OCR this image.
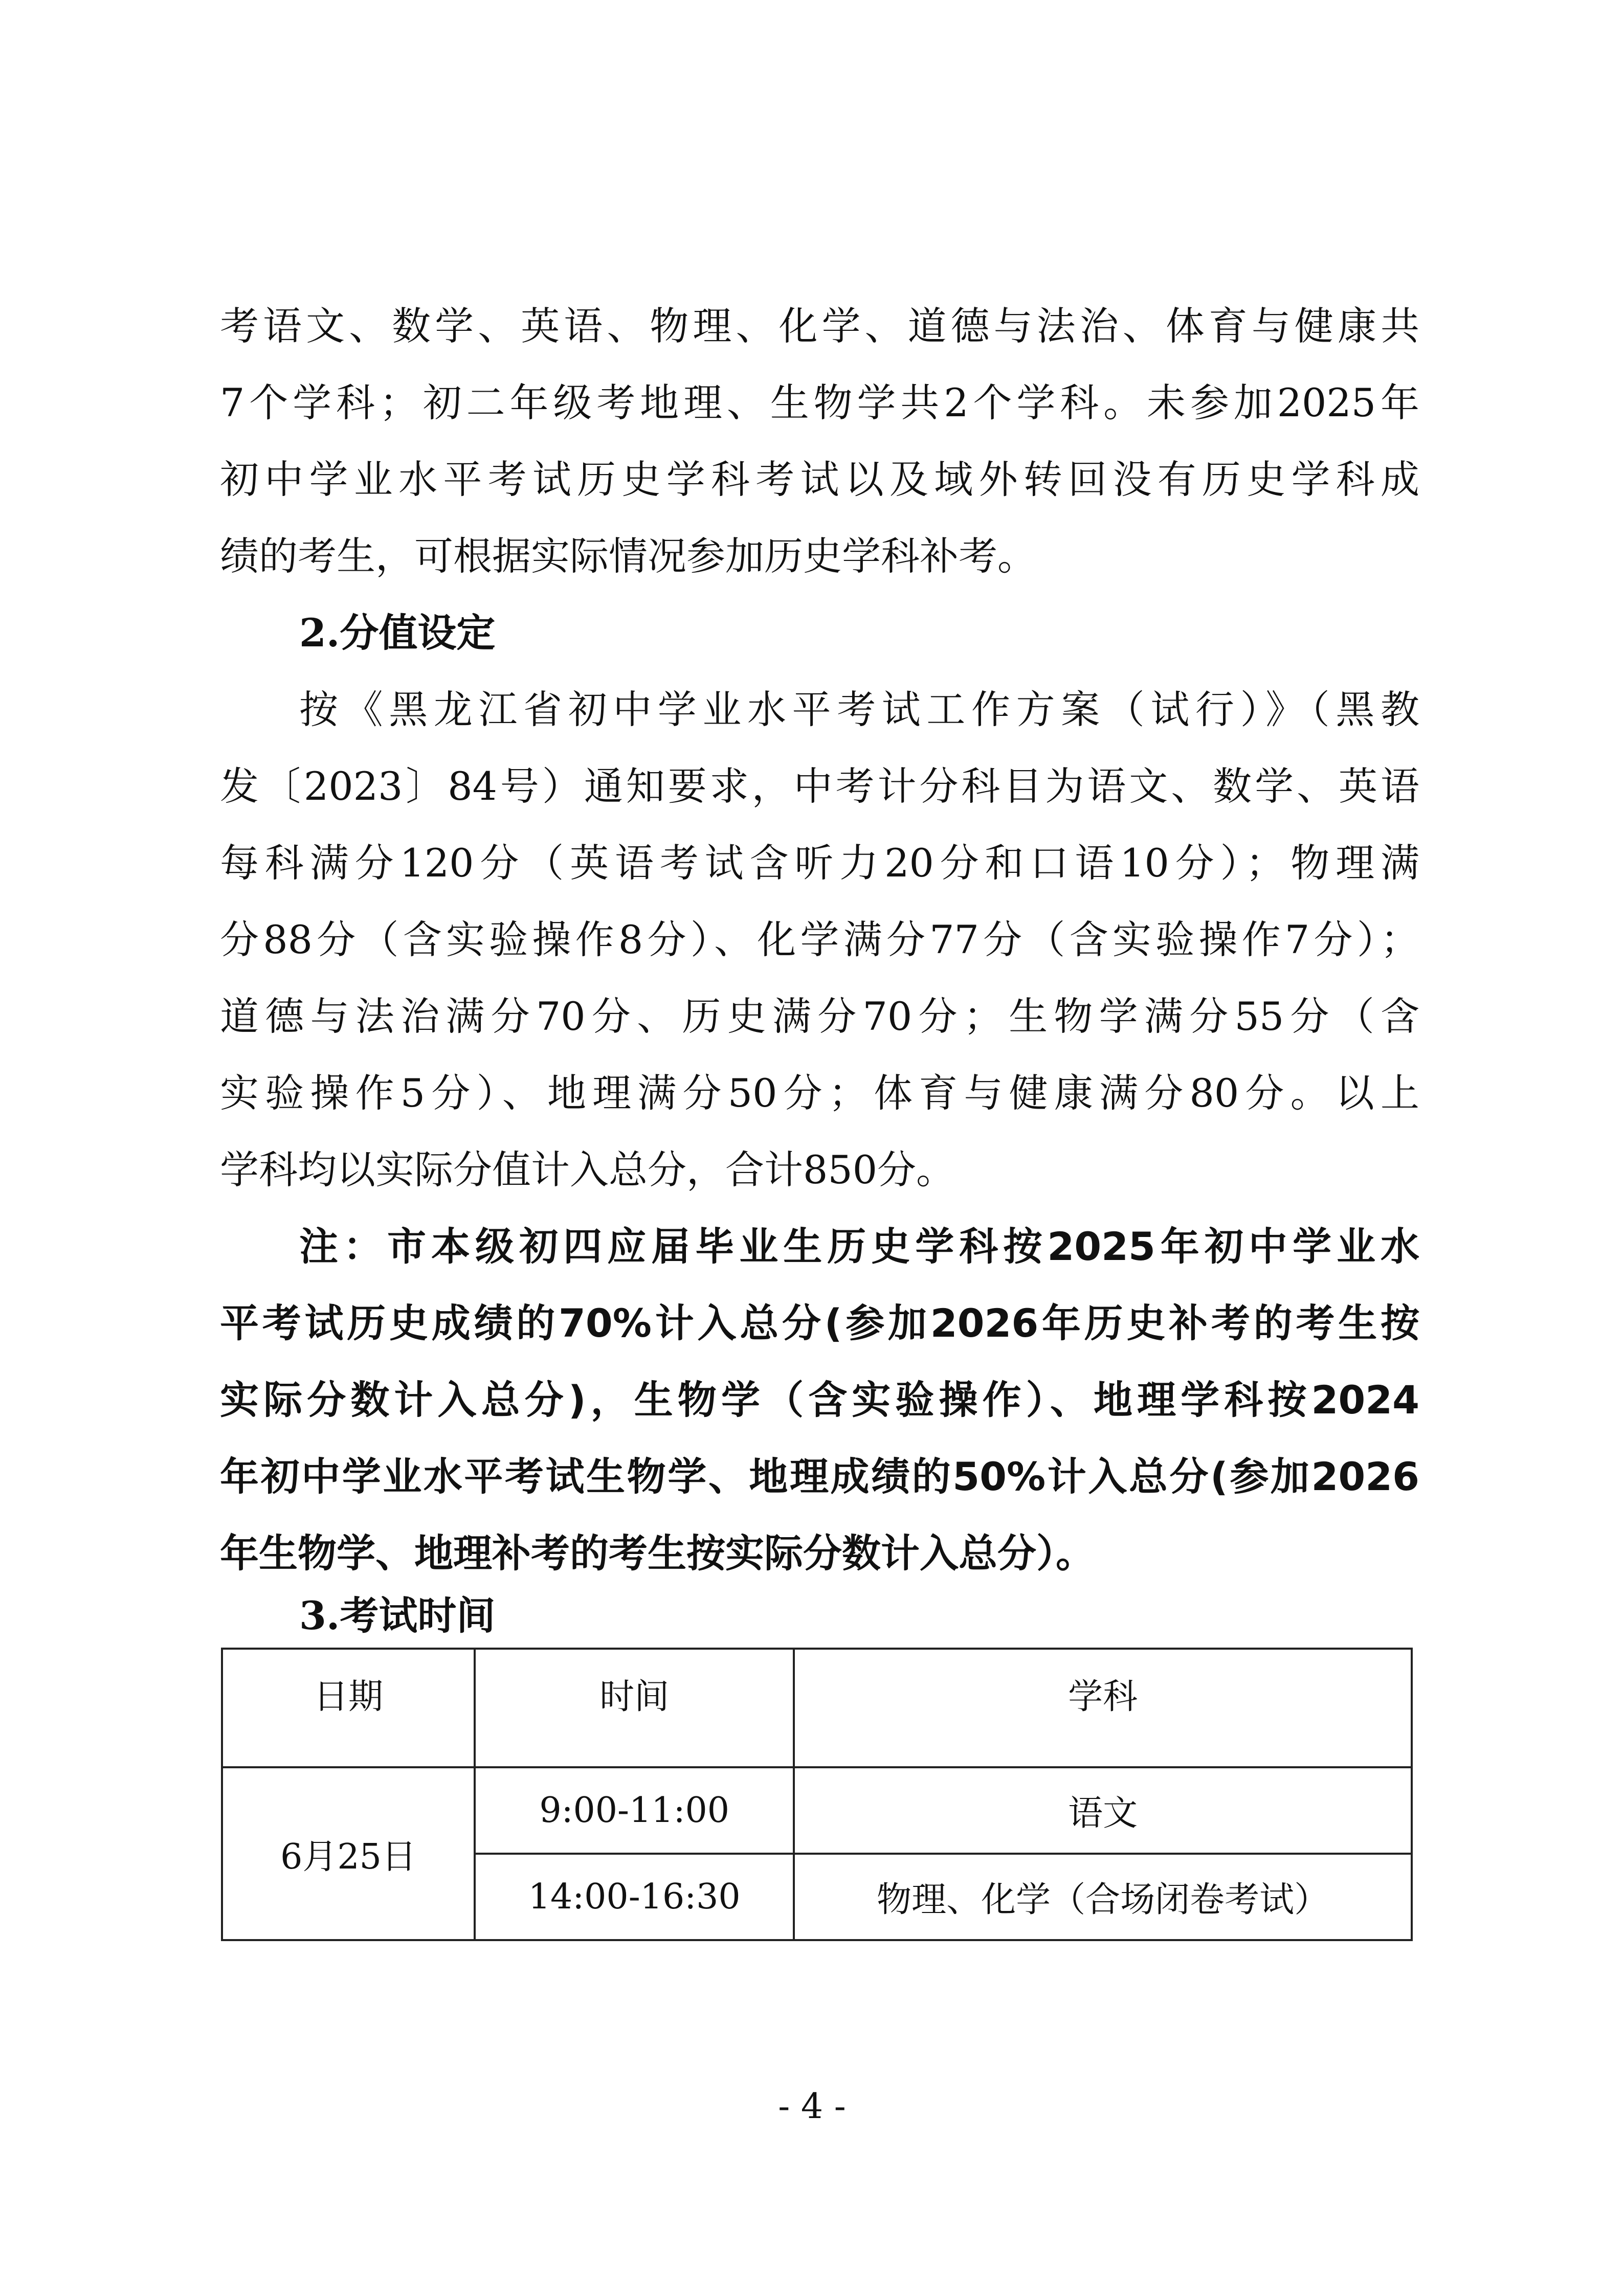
考语文、数学、英语、物理、化学、道德与法治、体育与健康共
7个学科；初二年级考地理、生物学共2个学科。未参加2025年
初中学业水平考试历史学科考试以及域外转回没有历史学科成
绩的考生，可根据实际情况参加历史学科补考。
2.分值设定
按《黑龙江省初中学业水平考试工作方案（试行）》（黑教
发〔2023〕84号）通知要求，中考计分科目为语文、数学、英语
每科满分120分（英语考试含听力20分和口语10分）；物理满
分88分（含实验操作8分）、化学满分77分（含实验操作7分）；
道德与法治满分70分、历史满分70分；生物学满分55分（含
实验操作5分）、地理满分50分；体育与健康满分80分。以上
学科均以实际分值计入总分，合计850分。
注：市本级初四应届毕业生历史学科按2025年初中学业水
平考试历史成绩的70%计入总分(参加2026年历史补考的考生按
实际分数计入总分)，生物学（含实验操作）、地理学科按2024
年初中学业水平考试生物学、地理成绩的50%计入总分(参加2026
年生物学、地理补考的考生按实际分数计入总分）。
3.考试时间
日期	时间	学科
6月25日	9:00-11:00	语文
	14:00-16:30	物理、化学（合场闭卷考试）
- 4 -
